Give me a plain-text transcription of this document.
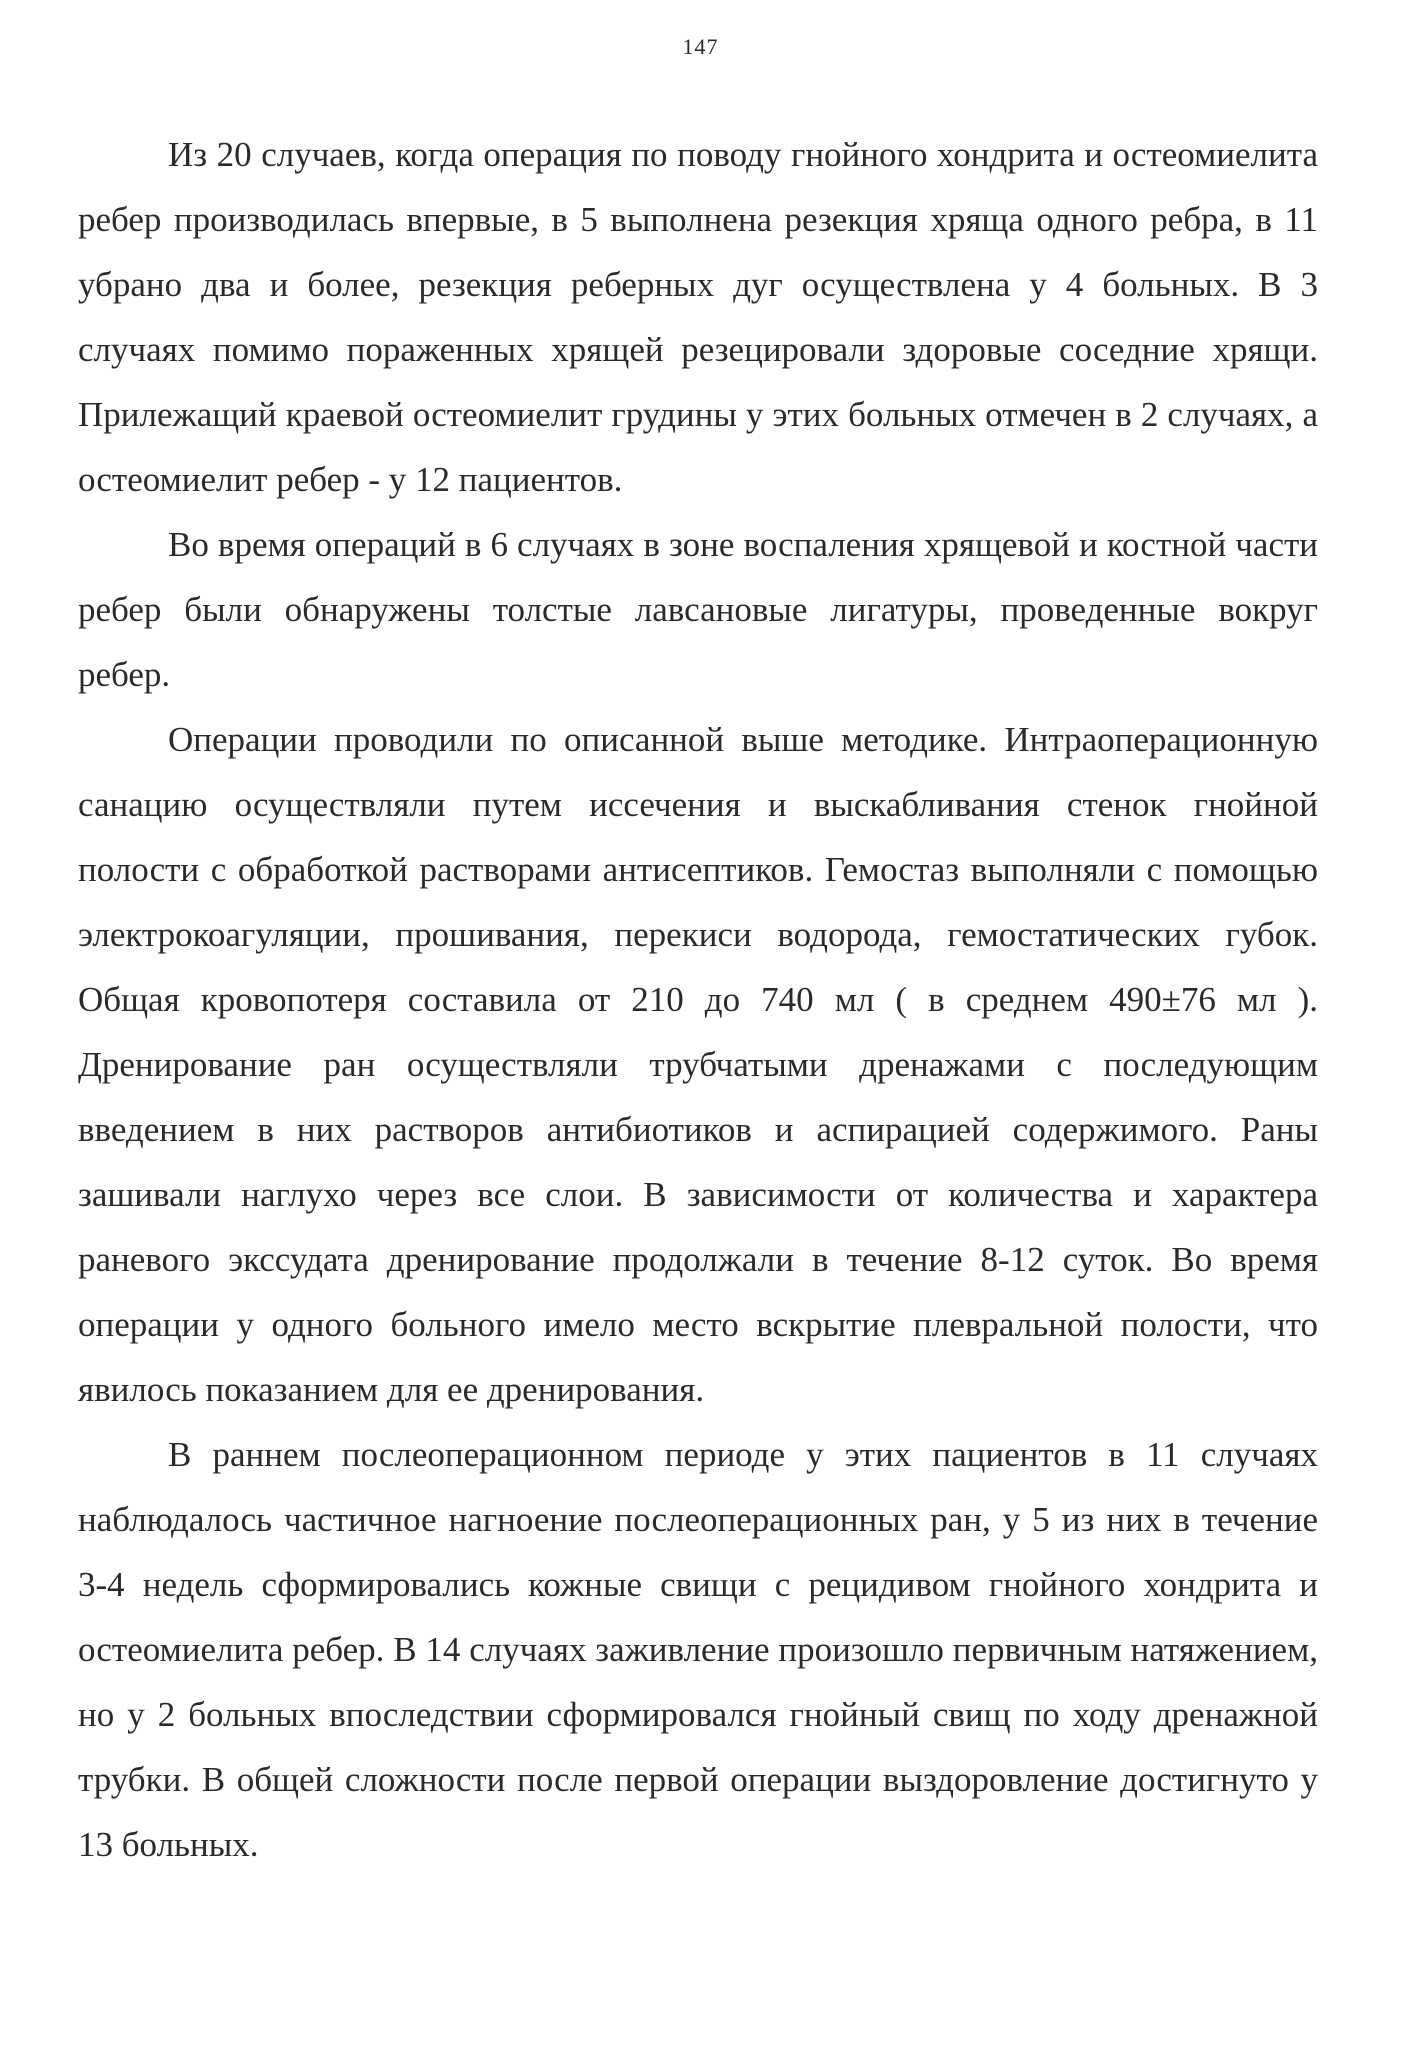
147

Из 20 случаев, когда операция по поводу гнойного хондрита и остеомиелита ребер производилась впервые, в 5 выполнена резекция хряща одного ребра, в 11 убрано два и более, резекция реберных дуг осуществлена у 4 больных. В 3 случаях помимо пораженных хрящей резецировали здоровые соседние хрящи. Прилежащий краевой остеомиелит грудины у этих больных отмечен в 2 случаях, а остеомиелит ребер - у 12 пациентов.

Во время операций в 6 случаях в зоне воспаления хрящевой и костной части ребер были обнаружены толстые лавсановые лигатуры, проведенные вокруг ребер.

Операции проводили по описанной выше методике. Интраоперационную санацию осуществляли путем иссечения и выскабливания стенок гнойной полости с обработкой растворами антисептиков. Гемостаз выполняли с помощью электрокоагуляции, прошивания, перекиси водорода, гемостатических губок. Общая кровопотеря составила от 210 до 740 мл ( в среднем 490±76 мл ). Дренирование ран осуществляли трубчатыми дренажами с последующим введением в них растворов антибиотиков и аспирацией содержимого. Раны зашивали наглухо через все слои. В зависимости от количества и характера раневого экссудата дренирование продолжали в течение 8-12 суток. Во время операции у одного больного имело место вскрытие плевральной полости, что явилось показанием для ее дренирования.

В раннем послеоперационном периоде у этих пациентов в 11 случаях наблюдалось частичное нагноение послеоперационных ран, у 5 из них в течение 3-4 недель сформировались кожные свищи с рецидивом гнойного хондрита и остеомиелита ребер. В 14 случаях заживление произошло первичным натяжением, но у 2 больных впоследствии сформировался гнойный свищ по ходу дренажной трубки. В общей сложности после первой операции выздоровление достигнуто у 13 больных.
